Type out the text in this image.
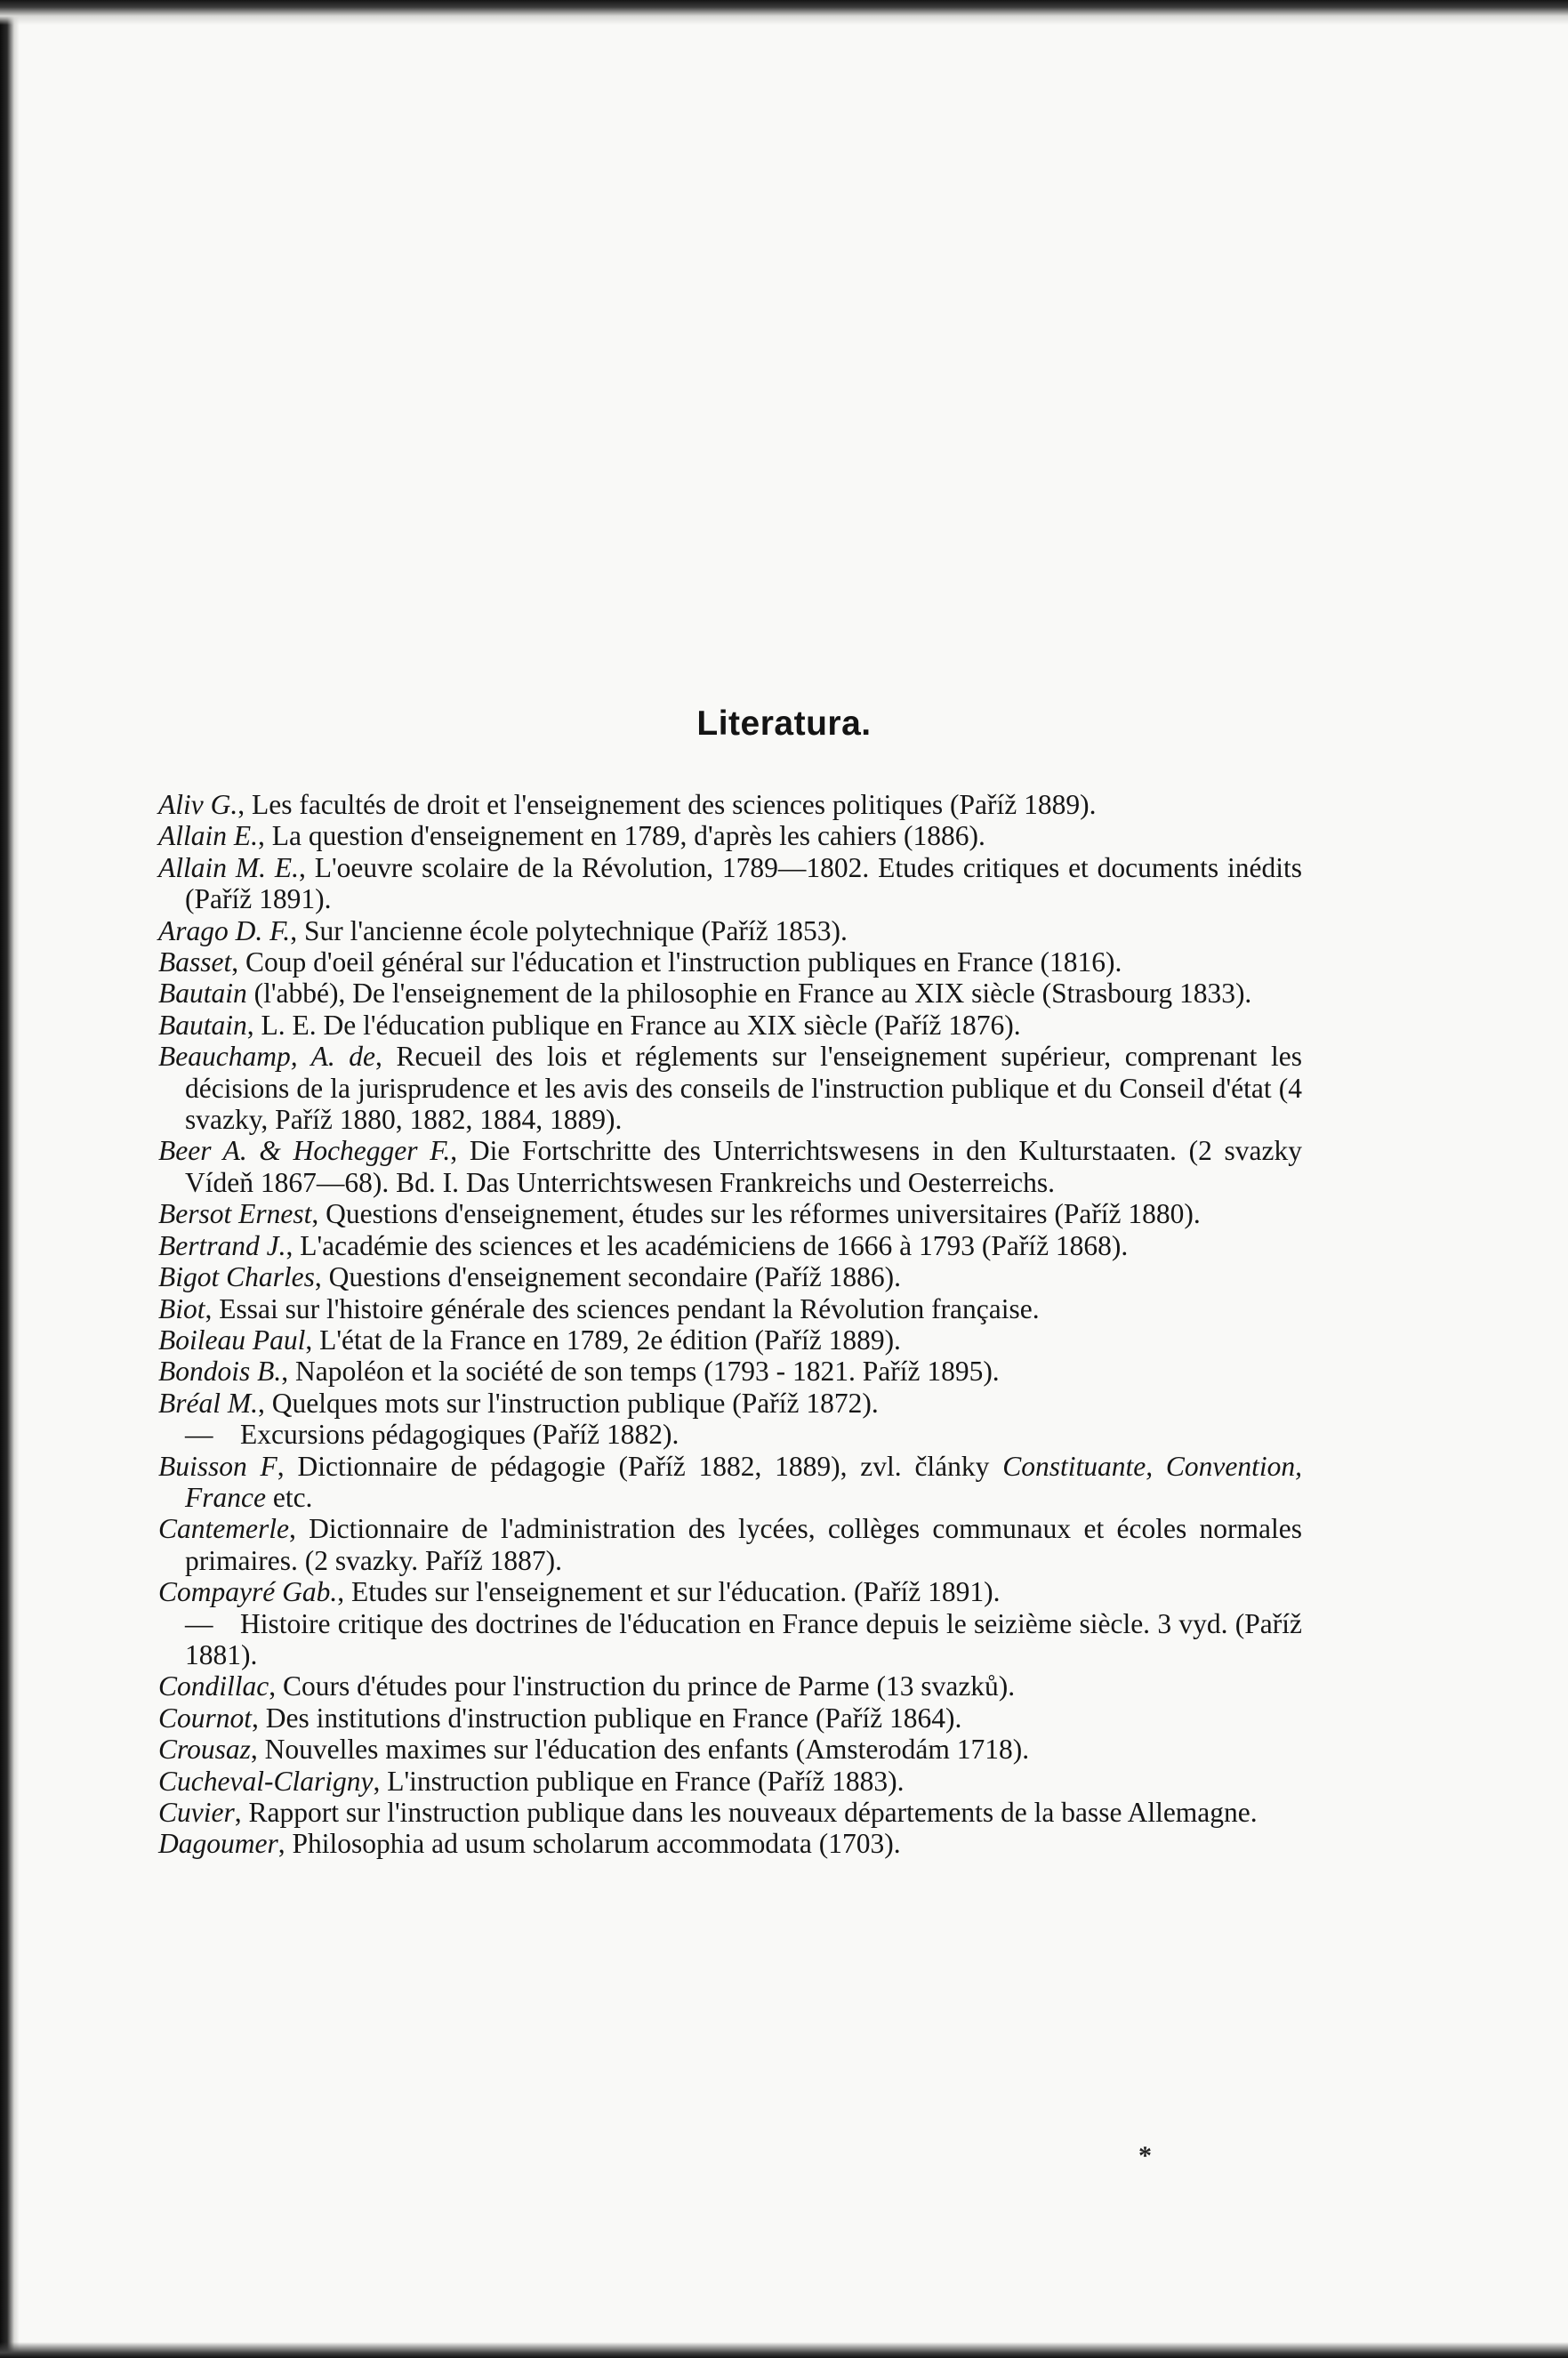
Literatura.

Aliv G., Les facultés de droit et l'enseignement des sciences politiques (Paříž 1889).

Allain E., La question d'enseignement en 1789, d'après les cahiers (1886).

Allain M. E., L'oeuvre scolaire de la Révolution, 1789—1802. Etudes critiques et documents inédits (Paříž 1891).

Arago D. F., Sur l'ancienne école polytechnique (Paříž 1853).

Basset, Coup d'oeil général sur l'éducation et l'instruction publiques en France (1816).

Bautain (l'abbé), De l'enseignement de la philosophie en France au XIX siècle (Strasbourg 1833).

Bautain, L. E. De l'éducation publique en France au XIX siècle (Paříž 1876).

Beauchamp, A. de, Recueil des lois et réglements sur l'enseignement supérieur, comprenant les décisions de la jurisprudence et les avis des conseils de l'instruction publique et du Conseil d'état (4 svazky, Paříž 1880, 1882, 1884, 1889).

Beer A. & Hochegger F., Die Fortschritte des Unterrichtswesens in den Kulturstaaten. (2 svazky Vídeň 1867—68). Bd. I. Das Unterrichtswesen Frankreichs und Oesterreichs.

Bersot Ernest, Questions d'enseignement, études sur les réformes universitaires (Paříž 1880).

Bertrand J., L'académie des sciences et les académiciens de 1666 à 1793 (Paříž 1868).

Bigot Charles, Questions d'enseignement secondaire (Paříž 1886).

Biot, Essai sur l'histoire générale des sciences pendant la Révolution française.

Boileau Paul, L'état de la France en 1789, 2e édition (Paříž 1889).

Bondois B., Napoléon et la société de son temps (1793 - 1821. Paříž 1895).

Bréal M., Quelques mots sur l'instruction publique (Paříž 1872).

— Excursions pédagogiques (Paříž 1882).

Buisson F, Dictionnaire de pédagogie (Paříž 1882, 1889), zvl. články Constituante, Convention, France etc.

Cantemerle, Dictionnaire de l'administration des lycées, collèges communaux et écoles normales primaires. (2 svazky. Paříž 1887).

Compayré Gab., Etudes sur l'enseignement et sur l'éducation. (Paříž 1891).

— Histoire critique des doctrines de l'éducation en France depuis le seizième siècle. 3 vyd. (Paříž 1881).

Condillac, Cours d'études pour l'instruction du prince de Parme (13 svazků).

Cournot, Des institutions d'instruction publique en France (Paříž 1864).

Crousaz, Nouvelles maximes sur l'éducation des enfants (Amsterodám 1718).

Cucheval-Clarigny, L'instruction publique en France (Paříž 1883).

Cuvier, Rapport sur l'instruction publique dans les nouveaux départements de la basse Allemagne.

Dagoumer, Philosophia ad usum scholarum accommodata (1703).

*
